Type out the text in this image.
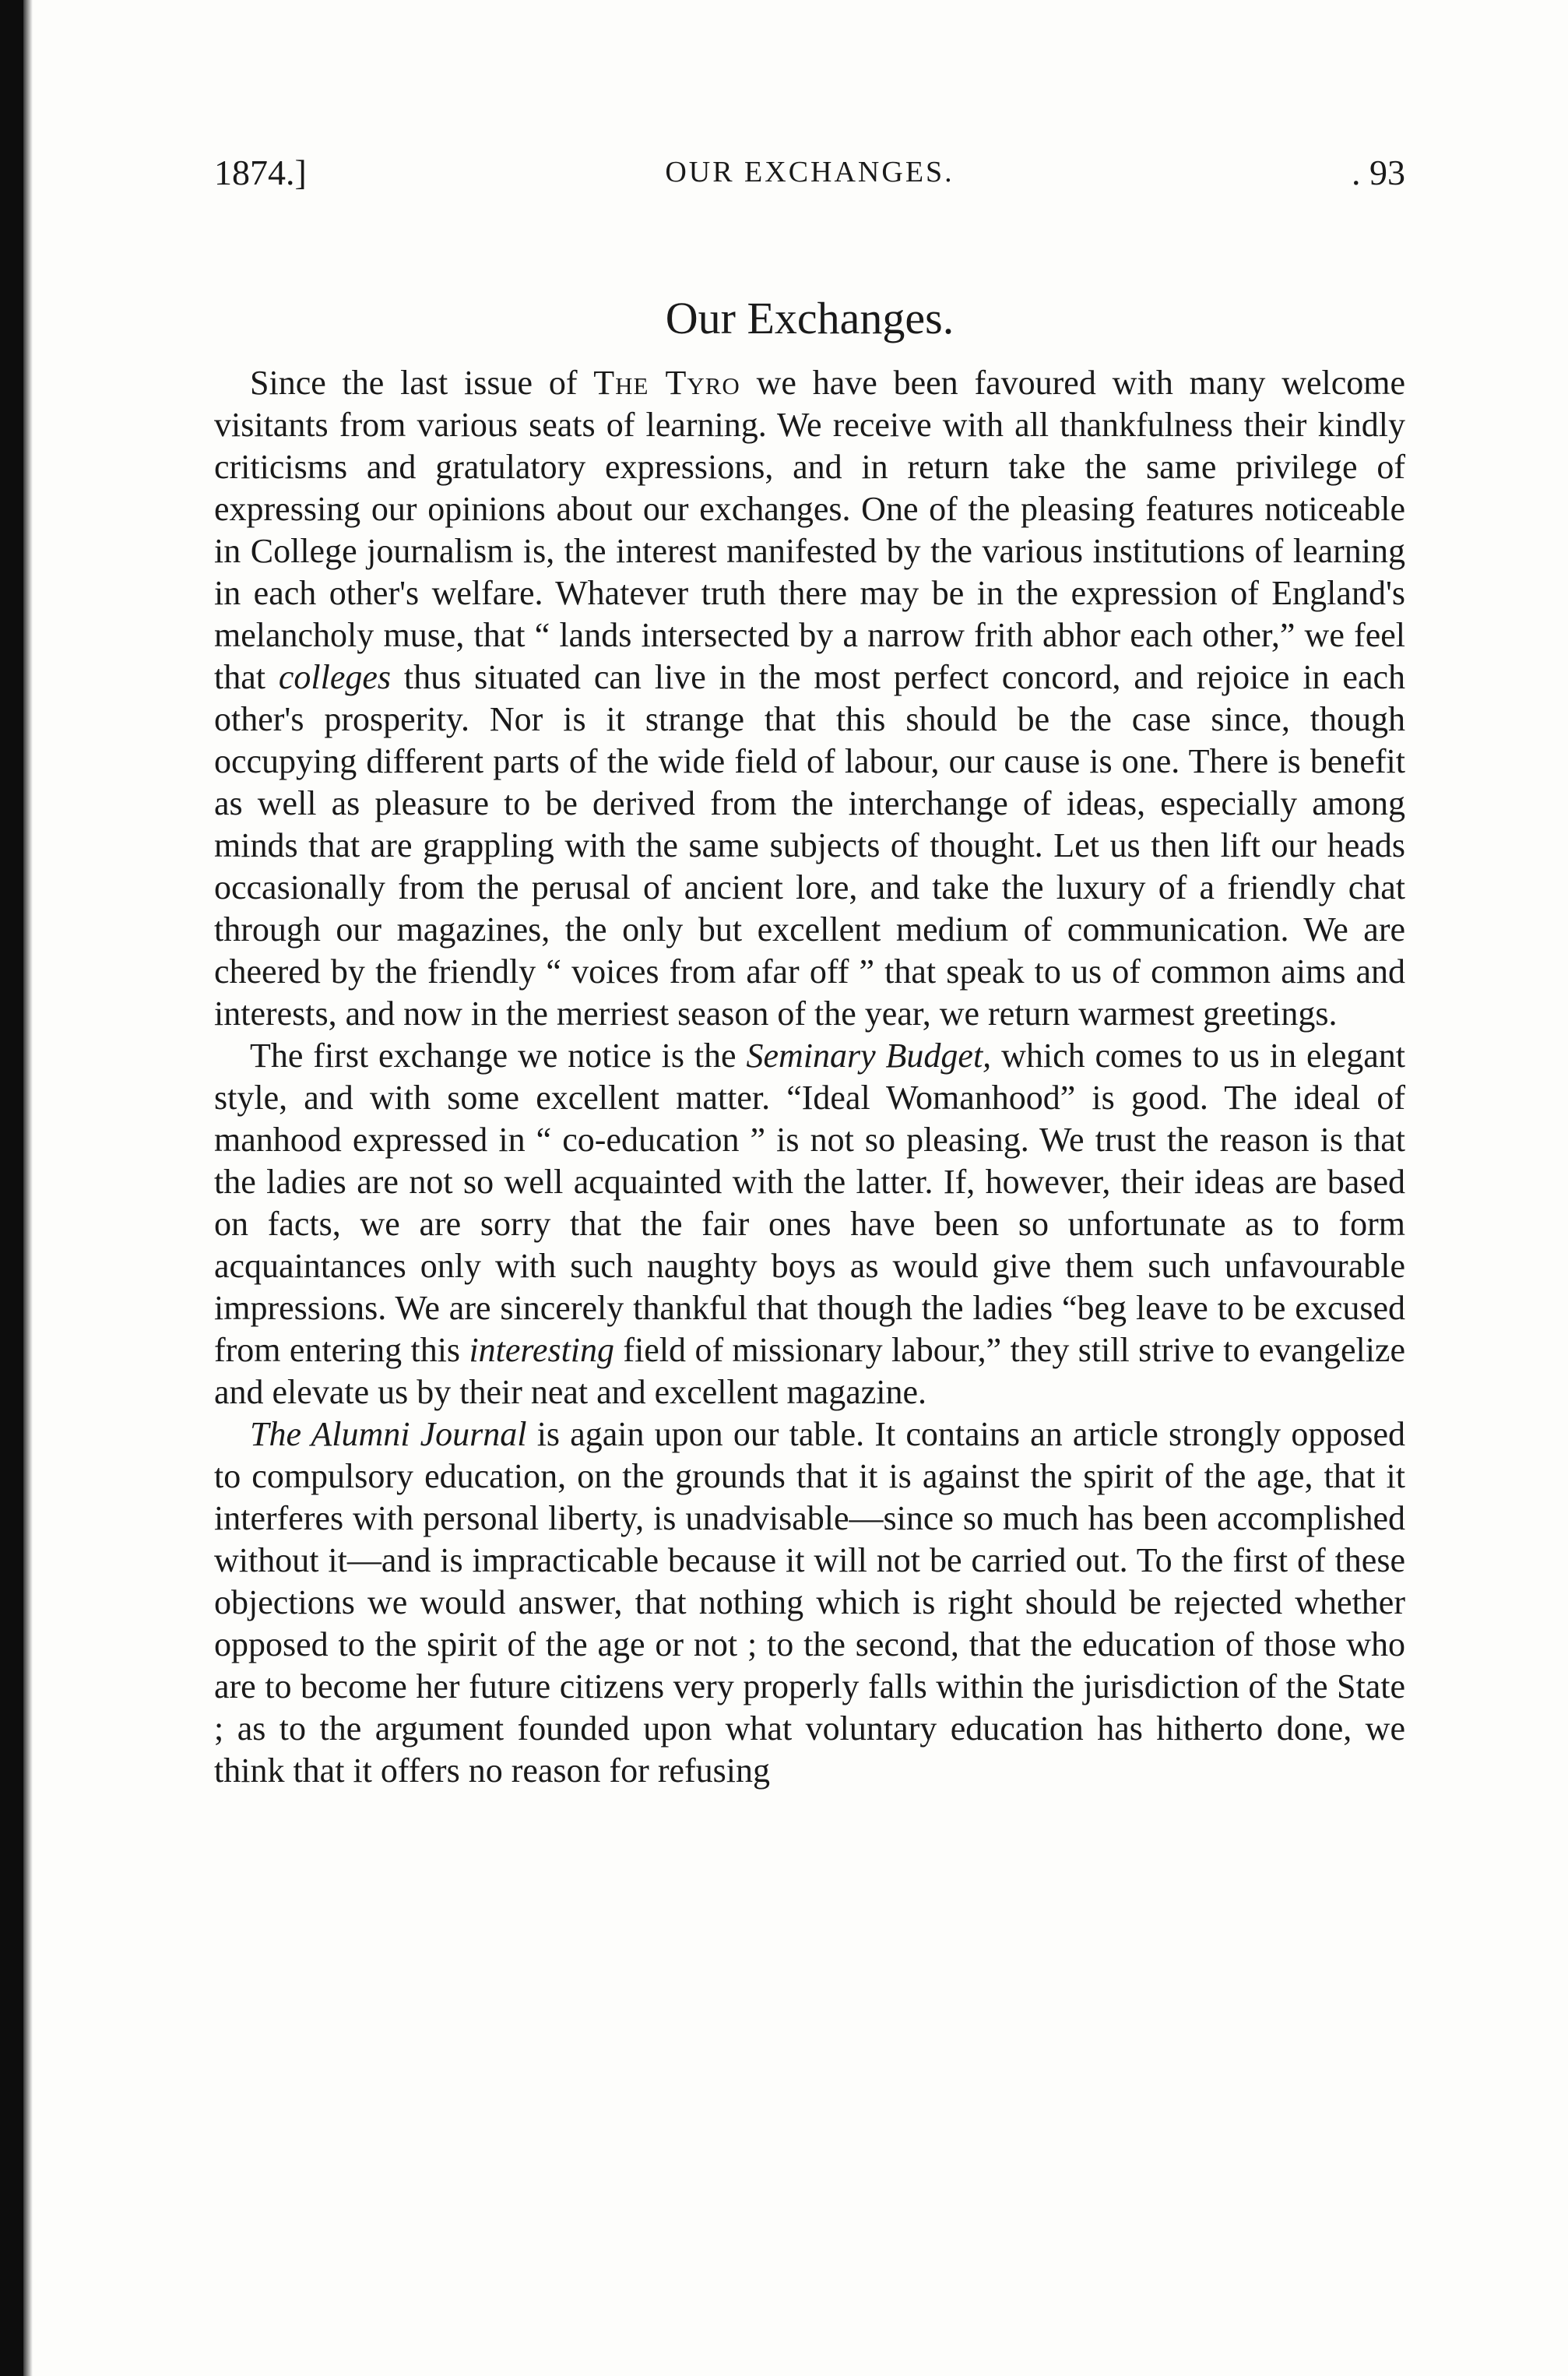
1874.]	OUR EXCHANGES.	. 93
Our Exchanges.

Since the last issue of The Tyro we have been favoured with many welcome visitants from various seats of learning. We receive with all thankfulness their kindly criticisms and gratulatory expressions, and in return take the same privilege of expressing our opinions about our exchanges. One of the pleasing features noticeable in College journalism is, the interest manifested by the various institutions of learning in each other's welfare. Whatever truth there may be in the expression of England's melancholy muse, that “ lands intersected by a narrow frith abhor each other,” we feel that colleges thus situated can live in the most perfect concord, and rejoice in each other's prosperity. Nor is it strange that this should be the case since, though occupying different parts of the wide field of labour, our cause is one. There is benefit as well as pleasure to be derived from the interchange of ideas, especially among minds that are grappling with the same subjects of thought. Let us then lift our heads occasionally from the perusal of ancient lore, and take the luxury of a friendly chat through our magazines, the only but excellent medium of communication. We are cheered by the friendly “ voices from afar off ” that speak to us of common aims and interests, and now in the merriest season of the year, we return warmest greetings.

The first exchange we notice is the Seminary Budget, which comes to us in elegant style, and with some excellent matter. “Ideal Womanhood” is good. The ideal of manhood expressed in “ co-education ” is not so pleasing. We trust the reason is that the ladies are not so well acquainted with the latter. If, however, their ideas are based on facts, we are sorry that the fair ones have been so unfortunate as to form acquaintances only with such naughty boys as would give them such unfavourable impressions. We are sincerely thankful that though the ladies “beg leave to be excused from entering this interesting field of missionary labour,” they still strive to evangelize and elevate us by their neat and excellent magazine.

The Alumni Journal is again upon our table. It contains an article strongly opposed to compulsory education, on the grounds that it is against the spirit of the age, that it interferes with personal liberty, is unadvisable—since so much has been accomplished without it—and is impracticable because it will not be carried out. To the first of these objections we would answer, that nothing which is right should be rejected whether opposed to the spirit of the age or not ; to the second, that the education of those who are to become her future citizens very properly falls within the jurisdiction of the State ; as to the argument founded upon what voluntary education has hitherto done, we think that it offers no reason for refusing
